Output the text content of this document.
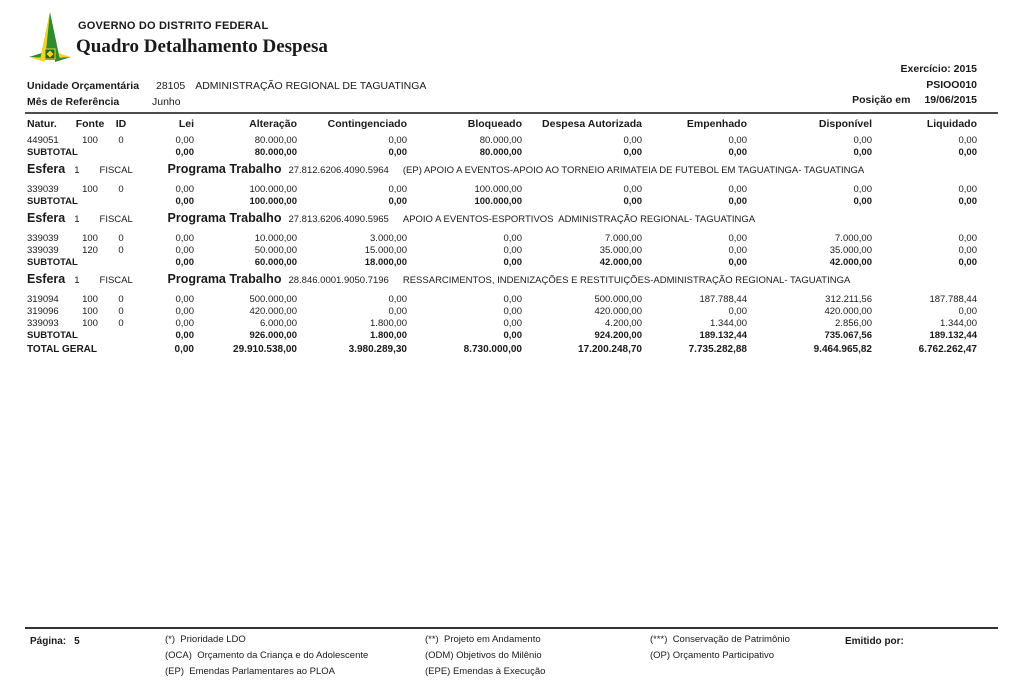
GOVERNO DO DISTRITO FEDERAL
Quadro Detalhamento Despesa
Exercício: 2015
PSIOO010
Posição em 19/06/2015
Unidade Orçamentária 28105 ADMINISTRAÇÃO REGIONAL DE TAGUATINGA
Mês de Referência	Junho
Natur.	Fonte	ID	Lei	Alteração	Contingenciado	Bloqueado	Despesa Autorizada	Empenhado	Disponível	Liquidado
449051	100	0	0,00	80.000,00	0,00	80.000,00	0,00	0,00	0,00	0,00
SUBTOTAL	0,00	80.000,00	0,00	80.000,00	0,00	0,00	0,00	0,00
Esfera 1 FISCAL	Programa Trabalho 27.812.6206.4090.5964 (EP) APOIO A EVENTOS-APOIO AO TORNEIO ARIMATEIA DE FUTEBOL EM TAGUATINGA- TAGUATINGA
339039	100	0	0,00	100.000,00	0,00	100.000,00	0,00	0,00	0,00	0,00
SUBTOTAL	0,00	100.000,00	0,00	100.000,00	0,00	0,00	0,00	0,00
Esfera 1 FISCAL	Programa Trabalho 27.813.6206.4090.5965 APOIO A EVENTOS-ESPORTIVOS  ADMINISTRAÇÃO REGIONAL- TAGUATINGA
339039	100	0	0,00	10.000,00	3.000,00	0,00	7.000,00	0,00	7.000,00	0,00
339039	120	0	0,00	50.000,00	15.000,00	0,00	35.000,00	0,00	35.000,00	0,00
SUBTOTAL	0,00	60.000,00	18.000,00	0,00	42.000,00	0,00	42.000,00	0,00
Esfera 1 FISCAL	Programa Trabalho 28.846.0001.9050.7196 RESSARCIMENTOS, INDENIZAÇÕES E RESTITUIÇÕES-ADMINISTRAÇÃO REGIONAL- TAGUATINGA
319094	100	0	0,00	500.000,00	0,00	0,00	500.000,00	187.788,44	312.211,56	187.788,44
319096	100	0	0,00	420.000,00	0,00	0,00	420.000,00	0,00	420.000,00	0,00
339093	100	0	0,00	6.000,00	1.800,00	0,00	4.200,00	1.344,00	2.856,00	1.344,00
SUBTOTAL	0,00	926.000,00	1.800,00	0,00	924.200,00	189.132,44	735.067,56	189.132,44
TOTAL GERAL	0,00	29.910.538,00	3.980.289,30	8.730.000,00	17.200.248,70	7.735.282,88	9.464.965,82	6.762.262,47
Página: 5	(*)  Prioridade LDO
(OCA)  Orçamento da Criança e do Adolescente
(EP)  Emendas Parlamentares ao PLOA
(**)  Projeto em Andamento
(ODM) Objetivos do Milênio
(EPE) Emendas à Execução
(***)  Conservação de Patrimônio
(OP) Orçamento Participativo
Emitido por:
